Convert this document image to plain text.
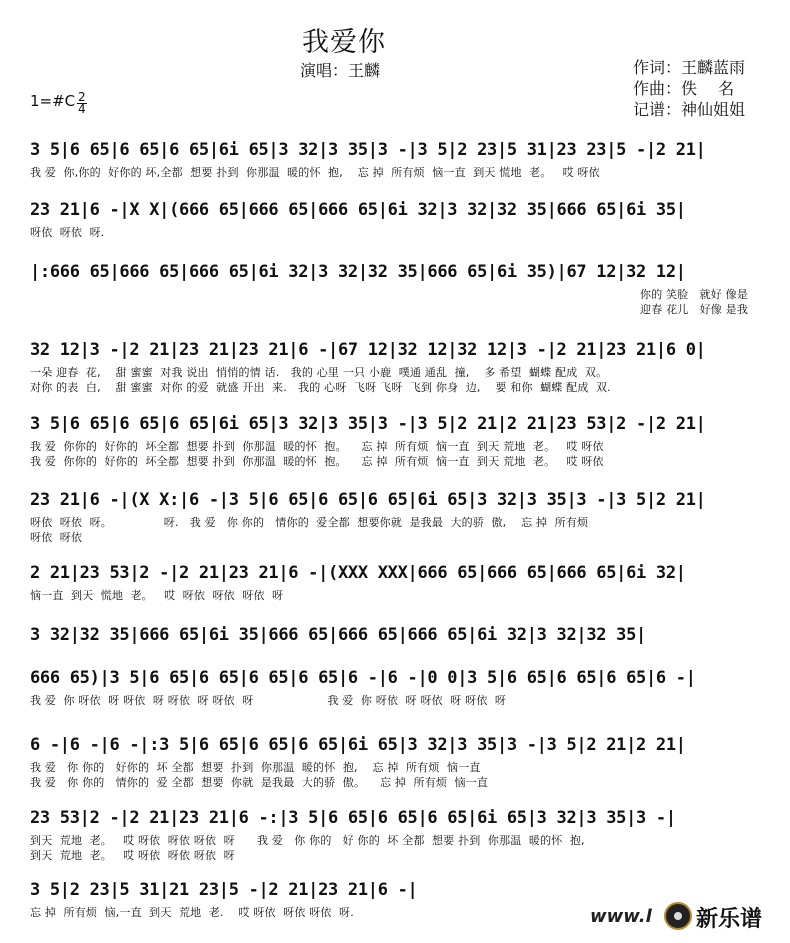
我爱你
演唱：王麟	作词：王麟蓝雨
作曲：佚　 名
记谱：神仙姐姐
1=#C 2
4
3 5|6 65|6 65|6 65|6i 65|3 32|3 35|3 -|3 5|2 23|5 31|23 23|5 -|2 21|
我 爱  你,你的  好你的 坏,全都  想要 扑到  你那温  暖的怀  抱,    忘 掉  所有烦  恼一直  到天 慌地  老。   哎 呀依
23 21|6 -|X X|(666 65|666 65|666 65|6i 32|3 32|32 35|666 65|6i 35|
呀依  呀依  呀.
|:666 65|666 65|666 65|6i 32|3 32|32 35|666 65|6i 35)|67 12|32 12|
你的 笑脸   就好 像是
迎春 花儿   好像 是我
32 12|3 -|2 21|23 21|23 21|6 -|67 12|32 12|32 12|3 -|2 21|23 21|6 0|
一朵 迎春  花,    甜 蜜蜜  对我 说出  悄悄的情 话.   我的 心里 一只 小鹿  噗通 通乱  撞,    多 希望  蝴蝶 配成  双。
对你 的表  白,    甜 蜜蜜  对你 的爱  就盛 开出  来.   我的 心呀  飞呀 飞呀  飞到 你身  边,    要 和你  蝴蝶 配成  双.
3 5|6 65|6 65|6 65|6i 65|3 32|3 35|3 -|3 5|2 21|2 21|23 53|2 -|2 21|
我 爱  你你的  好你的  坏全都  想要 扑到  你那温  暖的怀  抱。    忘 掉  所有烦  恼一直  到天 荒地  老。   哎 呀依
我 爱  你你的  好你的  坏全都  想要 扑到  你那温  暖的怀  抱。    忘 掉  所有烦  恼一直  到天 荒地  老。   哎 呀依
23 21|6 -|(X X:|6 -|3 5|6 65|6 65|6 65|6i 65|3 32|3 35|3 -|3 5|2 21|
呀依  呀依  呀。              呀.   我 爱   你 你的   情你的  爱全都  想要你就  是我最  大的骄  傲,    忘 掉  所有烦
呀依  呀依
2 21|23 53|2 -|2 21|23 21|6 -|(XXX XXX|666 65|666 65|666 65|6i 32|
恼一直  到天  慌地  老。   哎  呀依  呀依  呀依  呀
3 32|32 35|666 65|6i 35|666 65|666 65|666 65|6i 32|3 32|32 35|
666 65)|3 5|6 65|6 65|6 65|6 65|6 -|6 -|0 0|3 5|6 65|6 65|6 65|6 -|
我 爱  你 呀依  呀 呀依  呀 呀依  呀 呀依  呀                    我 爱  你 呀依  呀 呀依  呀 呀依  呀
6 -|6 -|6 -|:3 5|6 65|6 65|6 65|6i 65|3 32|3 35|3 -|3 5|2 21|2 21|
我 爱   你 你的   好你的  坏 全都  想要  扑到  你那温  暖的怀  抱,    忘 掉  所有烦  恼一直
我 爱   你 你的   情你的  爱 全都  想要  你就  是我最  大的骄  傲。    忘 掉  所有烦  恼一直
23 53|2 -|2 21|23 21|6 -:|3 5|6 65|6 65|6 65|6i 65|3 32|3 35|3 -|
到天  荒地  老。   哎 呀依  呀依 呀依  呀      我 爱   你 你的   好 你的  坏 全都  想要 扑到  你那温  暖的怀  抱,
到天  荒地  老。   哎 呀依  呀依 呀依  呀
3 5|2 23|5 31|21 23|5 -|2 21|23 21|6 -|
忘 掉  所有烦  恼,一直  到天  荒地  老.    哎 呀依  呀依 呀依  呀.	www.l 新乐谱
